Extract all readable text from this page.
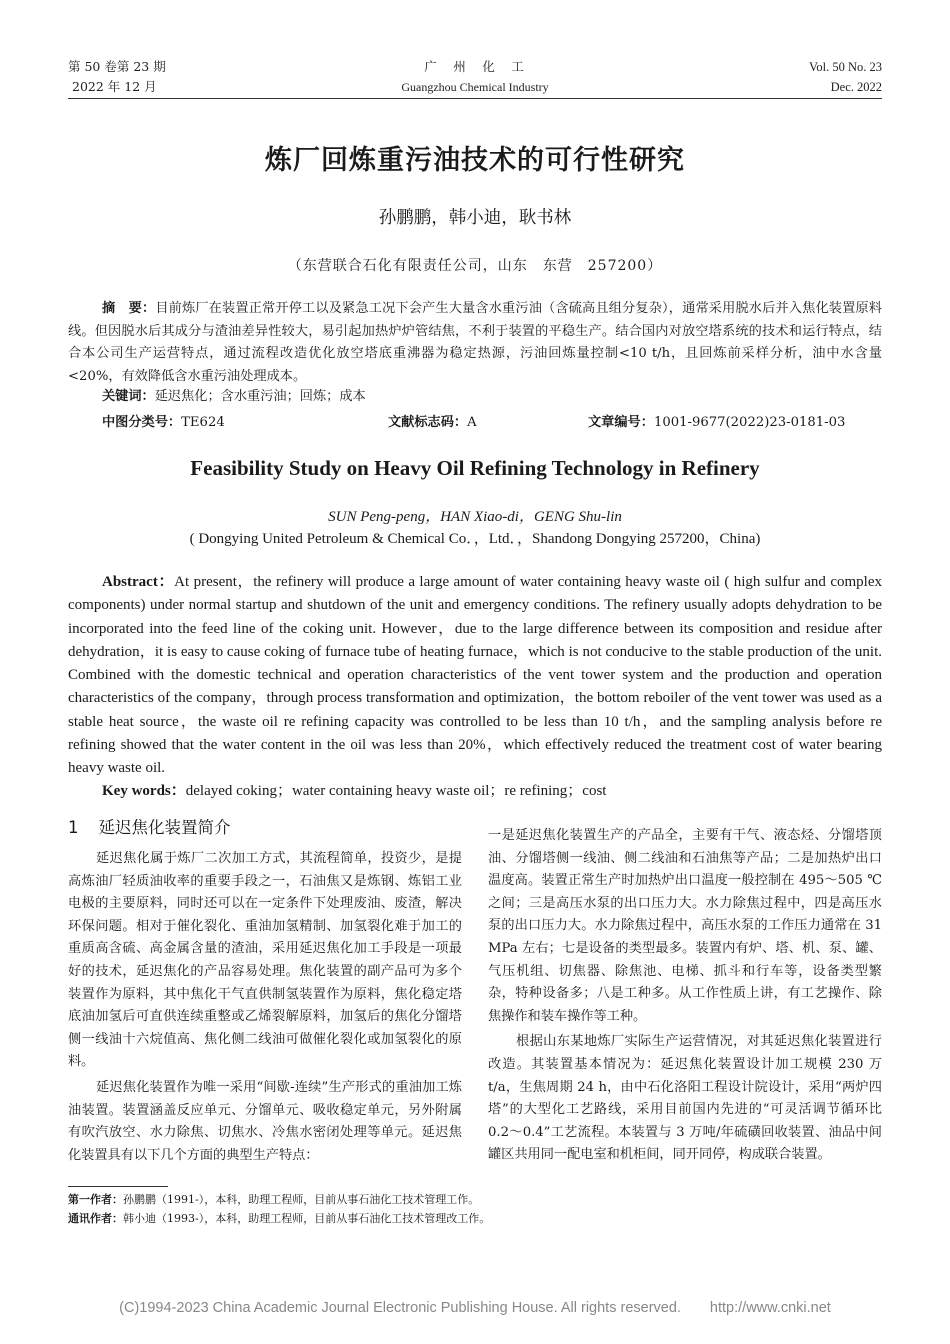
第 50 卷第 23 期
2022 年 12 月
广　州　化　工
Guangzhou Chemical Industry
Vol. 50 No. 23
Dec. 2022
炼厂回炼重污油技术的可行性研究
孙鹏鹏，韩小迪，耿书林
（东营联合石化有限责任公司，山东　东营　257200）
摘　要：目前炼厂在装置正常开停工以及紧急工况下会产生大量含水重污油（含硫高且组分复杂），通常采用脱水后并入焦化装置原料线。但因脱水后其成分与渣油差异性较大，易引起加热炉炉管结焦，不利于装置的平稳生产。结合国内对放空塔系统的技术和运行特点，结合本公司生产运营特点，通过流程改造优化放空塔底重沸器为稳定热源，污油回炼量控制<10 t/h，且回炼前采样分析，油中水含量<20%，有效降低含水重污油处理成本。
关键词：延迟焦化；含水重污油；回炼；成本
中图分类号：TE624	文献标志码：A	文章编号：1001-9677(2022)23-0181-03
Feasibility Study on Heavy Oil Refining Technology in Refinery
SUN Peng-peng，HAN Xiao-di，GENG Shu-lin
( Dongying United Petroleum & Chemical Co．，Ltd．，Shandong Dongying 257200，China)
Abstract：At present，the refinery will produce a large amount of water containing heavy waste oil ( high sulfur and complex components) under normal startup and shutdown of the unit and emergency conditions. The refinery usually adopts dehydration to be incorporated into the feed line of the coking unit. However，due to the large difference between its composition and residue after dehydration，it is easy to cause coking of furnace tube of heating furnace，which is not conducive to the stable production of the unit. Combined with the domestic technical and operation characteristics of the vent tower system and the production and operation characteristics of the company，through process transformation and optimization，the bottom reboiler of the vent tower was used as a stable heat source，the waste oil re refining capacity was controlled to be less than 10 t/h，and the sampling analysis before re refining showed that the water content in the oil was less than 20%，which effectively reduced the treatment cost of water bearing heavy waste oil.
Key words：delayed coking；water containing heavy waste oil；re refining；cost
1 延迟焦化装置简介

延迟焦化属于炼厂二次加工方式，其流程简单，投资少，是提高炼油厂轻质油收率的重要手段之一，石油焦又是炼钢、炼铝工业电极的主要原料，同时还可以在一定条件下处理废油、废渣，解决环保问题。相对于催化裂化、重油加氢精制、加氢裂化难于加工的重质高含硫、高金属含量的渣油，采用延迟焦化加工手段是一项最好的技术，延迟焦化的产品容易处理。焦化装置的副产品可为多个装置作为原料，其中焦化干气直供制氢装置作为原料，焦化稳定塔底油加氢后可直供连续重整或乙烯裂解原料，加氢后的焦化分馏塔侧一线油十六烷值高、焦化侧二线油可做催化裂化或加氢裂化的原料。

延迟焦化装置作为唯一采用“间歇-连续”生产形式的重油加工炼油装置。装置涵盖反应单元、分馏单元、吸收稳定单元，另外附属有吹汽放空、水力除焦、切焦水、冷焦水密闭处理等单元。延迟焦化装置具有以下几个方面的典型生产特点：

一是延迟焦化装置生产的产品全，主要有干气、液态烃、分馏塔顶油、分馏塔侧一线油、侧二线油和石油焦等产品；二是加热炉出口温度高。装置正常生产时加热炉出口温度一般控制在 495～505 ℃之间；三是高压水泵的出口压力大。水力除焦过程中，四是高压水泵的出口压力大。水力除焦过程中，高压水泵的工作压力通常在 31 MPa 左右；七是设备的类型最多。装置内有炉、塔、机、泵、罐、气压机组、切焦器、除焦池、电梯、抓斗和行车等，设备类型繁杂，特种设备多；八是工种多。从工作性质上讲，有工艺操作、除焦操作和装车操作等工种。

根据山东某地炼厂实际生产运营情况，对其延迟焦化装置进行改造。其装置基本情况为：延迟焦化装置设计加工规模 230 万 t/a，生焦周期 24 h，由中石化洛阳工程设计院设计，采用“两炉四塔”的大型化工艺路线，采用目前国内先进的“可灵活调节循环比 0.2～0.4”工艺流程。本装置与 3 万吨/年硫磺回收装置、油品中间罐区共用同一配电室和机柜间，同开同停，构成联合装置。

第一作者：孙鹏鹏（1991-），本科，助理工程师，目前从事石油化工技术管理工作。
通讯作者：韩小迪（1993-），本科，助理工程师，目前从事石油化工技术管理改工作。
(C)1994-2023 China Academic Journal Electronic Publishing House. All rights reserved.　　http://www.cnki.net
